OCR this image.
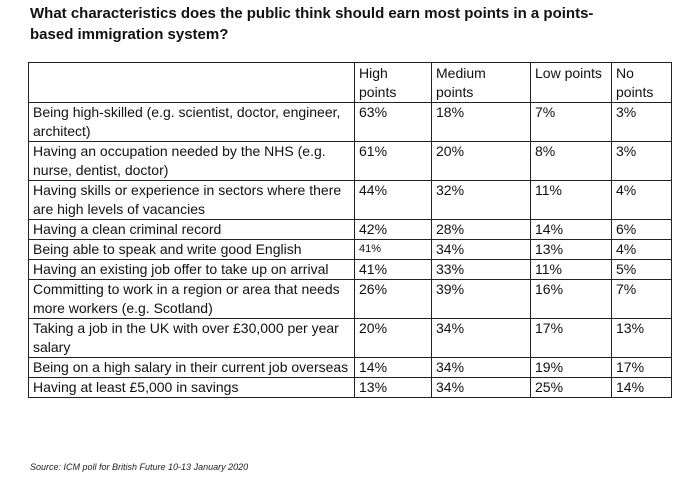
What characteristics does the public think should earn most points in a points-based immigration system?
	High points	Medium points	Low points	No points
Being high-skilled (e.g. scientist, doctor, engineer, architect)	63%	18%	7%	3%
Having an occupation needed by the NHS (e.g. nurse, dentist, doctor)	61%	20%	8%	3%
Having skills or experience in sectors where there are high levels of vacancies	44%	32%	11%	4%
Having a clean criminal record	42%	28%	14%	6%
Being able to speak and write good English	41%	34%	13%	4%
Having an existing job offer to take up on arrival	41%	33%	11%	5%
Committing to work in a region or area that needs more workers (e.g. Scotland)	26%	39%	16%	7%
Taking a job in the UK with over £30,000 per year salary	20%	34%	17%	13%
Being on a high salary in their current job overseas	14%	34%	19%	17%
Having at least £5,000 in savings	13%	34%	25%	14%
Source: ICM poll for British Future 10-13 January 2020
